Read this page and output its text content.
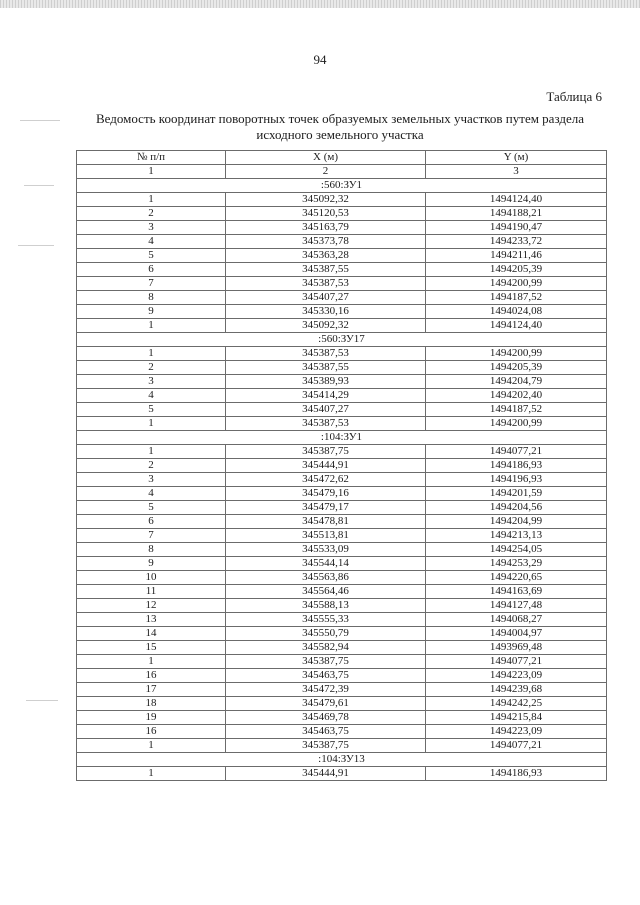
94
Таблица 6
Ведомость координат поворотных точек образуемых земельных участков путем раздела исходного земельного участка
№ п/п	X (м)	Y (м)
1	2	3
:560:ЗУ1		
1	345092,32	1494124,40
2	345120,53	1494188,21
3	345163,79	1494190,47
4	345373,78	1494233,72
5	345363,28	1494211,46
6	345387,55	1494205,39
7	345387,53	1494200,99
8	345407,27	1494187,52
9	345330,16	1494024,08
1	345092,32	1494124,40
:560:ЗУ17		
1	345387,53	1494200,99
2	345387,55	1494205,39
3	345389,93	1494204,79
4	345414,29	1494202,40
5	345407,27	1494187,52
1	345387,53	1494200,99
:104:ЗУ1		
1	345387,75	1494077,21
2	345444,91	1494186,93
3	345472,62	1494196,93
4	345479,16	1494201,59
5	345479,17	1494204,56
6	345478,81	1494204,99
7	345513,81	1494213,13
8	345533,09	1494254,05
9	345544,14	1494253,29
10	345563,86	1494220,65
11	345564,46	1494163,69
12	345588,13	1494127,48
13	345555,33	1494068,27
14	345550,79	1494004,97
15	345582,94	1493969,48
1	345387,75	1494077,21
16	345463,75	1494223,09
17	345472,39	1494239,68
18	345479,61	1494242,25
19	345469,78	1494215,84
16	345463,75	1494223,09
1	345387,75	1494077,21
:104:ЗУ13		
1	345444,91	1494186,93
